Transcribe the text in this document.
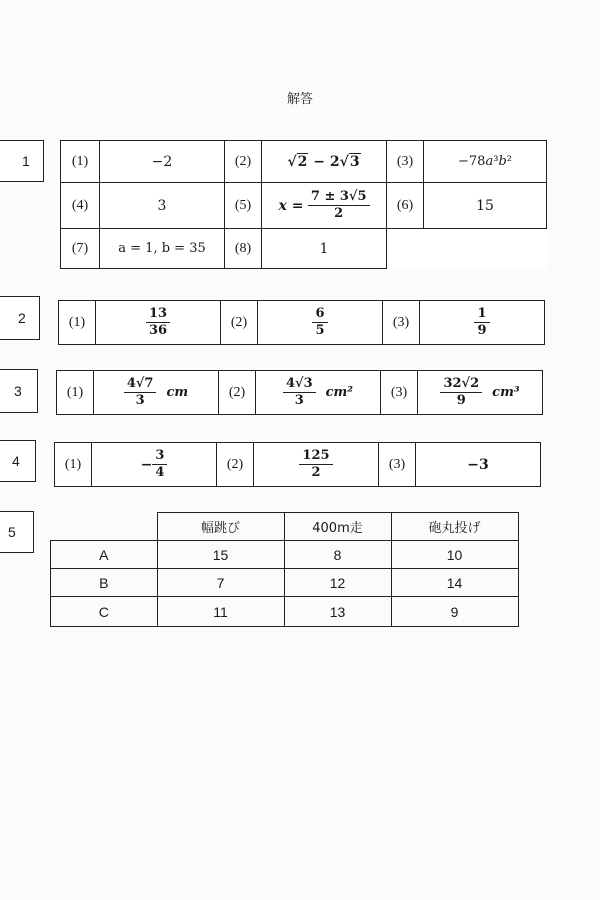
解答
1	(1)	−2	(2)	√2 − 2√3	(3)	−78a³b²
(4)	3	(5)	$x = \frac{7 \pm 3√5}{2}$	(6)	15
(7)	a = 1, b = 35	(8)	1		
2	(1)	$\frac{13}{36}$	(2)	$\frac{6}{5}$	(3)	$\frac{1}{9}$
3	(1)	$\frac{4√7}{3}$ cm	(2)	$\frac{4√3}{3} cm^2$	(3)	$\frac{32√2}{9} cm^3$
4	(1)	− $\frac{3}{4}$	(2)	$\frac{125}{2}$	(3)	−3
5
		幅跳び	400m走	砲丸投げ
A	15	8	10
B	7	12	14
C	11	13	9
